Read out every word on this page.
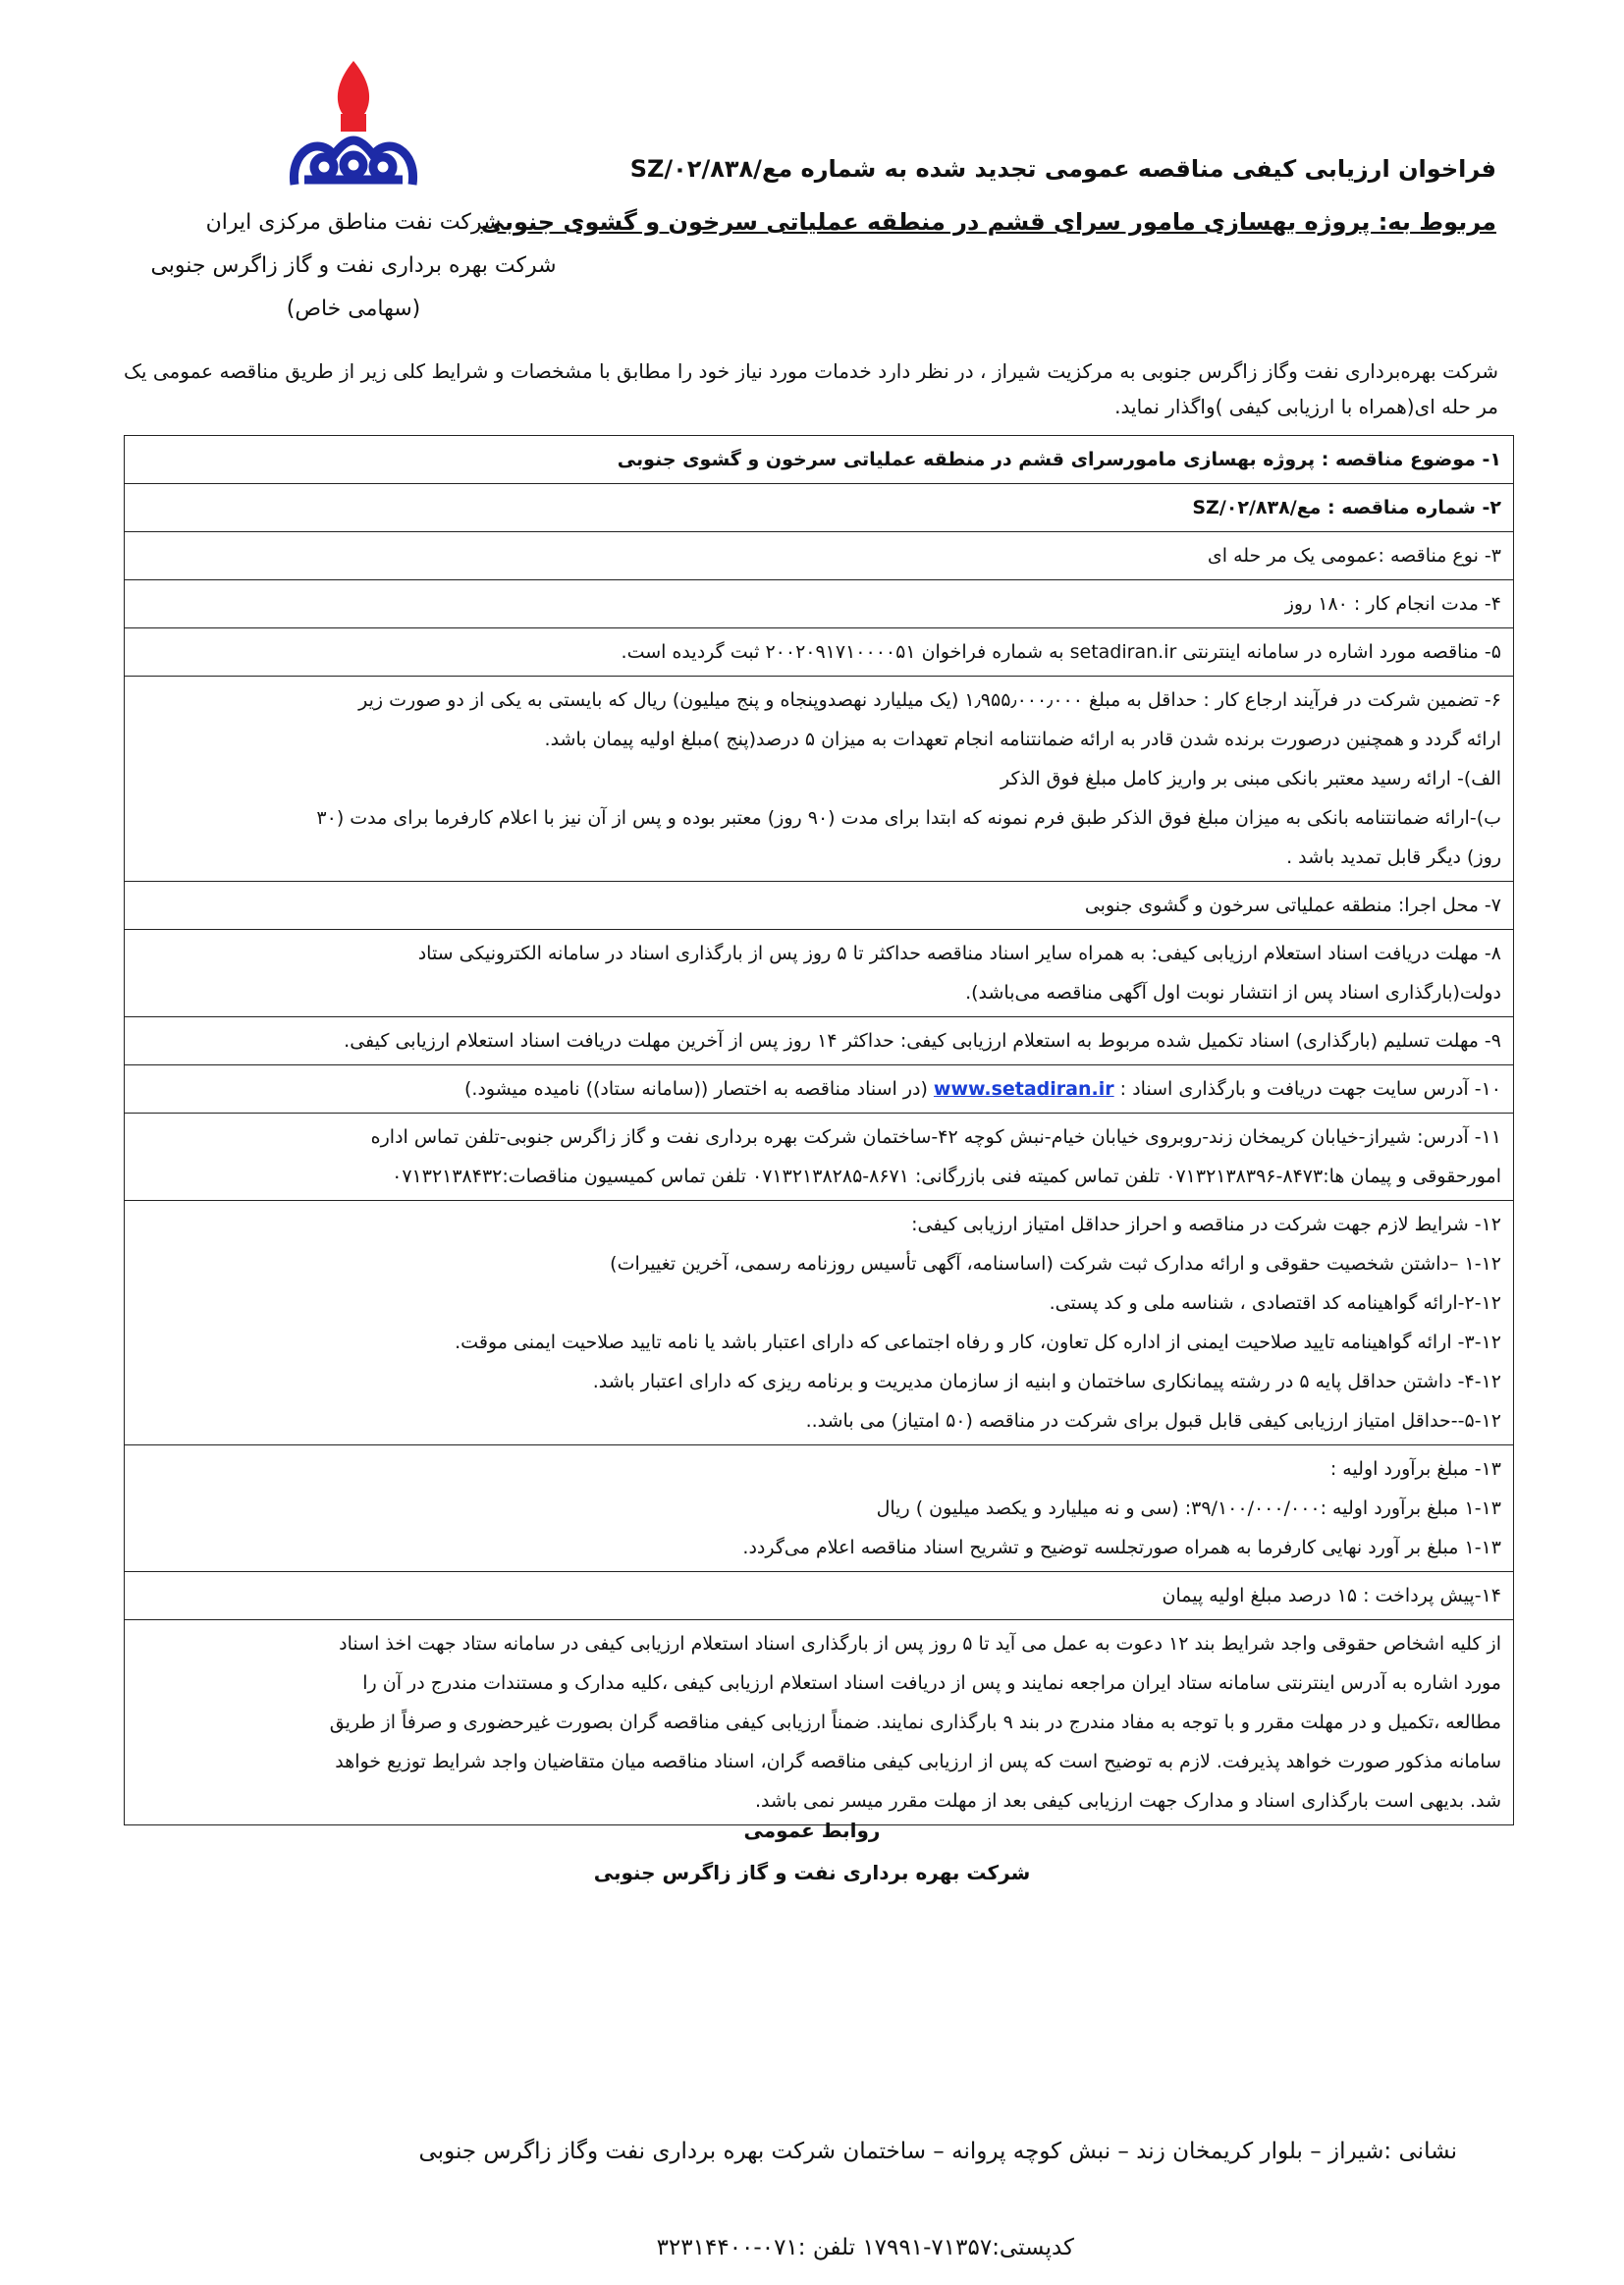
شرکت نفت مناطق مرکزی ایران
شرکت بهره برداری نفت و گاز زاگرس جنوبی
(سهامی خاص)
فراخوان ارزیابی کیفی مناقصه عمومی تجدید شده به شماره مع/۰۲/۸۳۸/SZ
مربوط به: پروژه بهسازی مامور سرای قشم در منطقه عملیاتی سرخون و گشوی جنوبی
شرکت بهره‌برداری نفت وگاز زاگرس جنوبی به مرکزیت شیراز ، در نظر دارد خدمات مورد نیاز خود را مطابق با مشخصات و شرایط کلی زیر از طریق مناقصه عمومی یک مر حله ای(همراه با ارزیابی کیفی )واگذار نماید.
۱- موضوع مناقصه : پروژه بهسازی مامورسرای قشم در منطقه عملیاتی سرخون و گشوی جنوبی

۲- شماره مناقصه : مع/۰۲/۸۳۸/SZ

۳- نوع مناقصه :عمومی یک مر حله ای

۴- مدت انجام کار : ۱۸۰ روز

۵- مناقصه مورد اشاره در سامانه اینترنتی setadiran.ir به شماره فراخوان ۲۰۰۲۰۹۱۷۱۰۰۰۰۵۱ ثبت گردیده است.

۶- تضمین شرکت در فرآیند ارجاع کار : حداقل به مبلغ ۱٫۹۵۵٫۰۰۰٫۰۰۰ (یک میلیارد نهصدوپنجاه و پنج میلیون) ریال که بایستی به یکی از دو صورت زیر
ارائه گردد و همچنین درصورت برنده شدن قادر به ارائه ضمانتنامه انجام تعهدات به میزان ۵ درصد(پنج )مبلغ اولیه پیمان باشد.
الف)- ارائه رسید معتبر بانکی مبنی بر واریز کامل مبلغ فوق الذکر
ب)-ارائه ضمانتنامه بانکی به میزان مبلغ فوق الذکر طبق فرم نمونه که ابتدا برای مدت (۹۰ روز) معتبر بوده و پس از آن نیز با اعلام کارفرما برای مدت (۳۰
روز) دیگر قابل تمدید باشد .

۷- محل اجرا: منطقه عملیاتی سرخون و گشوی جنوبی

۸- مهلت دریافت اسناد استعلام ارزیابی کیفی: به همراه سایر اسناد مناقصه حداکثر تا ۵ روز پس از بارگذاری اسناد در سامانه الکترونیکی ستاد
دولت(بارگذاری اسناد پس از انتشار نوبت اول آگهی مناقصه می‌باشد).

۹- مهلت تسلیم (بارگذاری) اسناد تکمیل شده مربوط به استعلام ارزیابی کیفی: حداکثر ۱۴ روز پس از آخرین مهلت دریافت اسناد استعلام ارزیابی کیفی.

۱۰- آدرس سایت جهت دریافت و بارگذاری اسناد : www.setadiran.ir (در اسناد مناقصه به اختصار ((سامانه ستاد)) نامیده میشود.)

۱۱- آدرس: شیراز-خیابان کریمخان زند-روبروی خیابان خیام-نبش کوچه ۴۲-ساختمان شرکت بهره برداری نفت و گاز زاگرس جنوبی-تلفن تماس اداره
امورحقوقی و پیمان ها:۸۴۷۳-۰۷۱۳۲۱۳۸۳۹۶ تلفن تماس کمیته فنی بازرگانی: ۸۶۷۱-۰۷۱۳۲۱۳۸۲۸۵ تلفن تماس کمیسیون مناقصات:۰۷۱۳۲۱۳۸۴۳۲

۱۲- شرایط لازم جهت شرکت در مناقصه و احراز حداقل امتیاز ارزیابی کیفی:
۱-۱۲ –داشتن شخصیت حقوقی و ارائه مدارک ثبت شرکت (اساسنامه، آگهی تأسیس روزنامه رسمی، آخرین تغییرات)
۲-۱۲-ارائه گواهینامه کد اقتصادی ، شناسه ملی و کد پستی.
۳-۱۲- ارائه گواهینامه تایید صلاحیت ایمنی از اداره کل تعاون، کار و رفاه اجتماعی که دارای اعتبار باشد یا نامه تایید صلاحیت ایمنی موقت.
۴-۱۲- داشتن حداقل پایه ۵ در رشته پیمانکاری ساختمان و ابنیه از سازمان مدیریت و برنامه ریزی که دارای اعتبار باشد.
۵-۱۲--حداقل امتیاز ارزیابی کیفی قابل قبول برای شرکت در مناقصه (۵۰ امتیاز) می باشد..

۱۳- مبلغ برآورد اولیه :
۱-۱۳ مبلغ برآورد اولیه :۳۹/۱۰۰/۰۰۰/۰۰۰: (سی و نه میلیارد و یکصد میلیون ) ریال
۱-۱۳ مبلغ بر آورد نهایی کارفرما به همراه صورتجلسه توضیح و تشریح اسناد مناقصه اعلام می‌گردد.

۱۴-پیش پرداخت : ۱۵ درصد مبلغ اولیه پیمان

از کلیه اشخاص حقوقی واجد شرایط بند ۱۲ دعوت به عمل می آید تا ۵ روز پس از بارگذاری اسناد استعلام ارزیابی کیفی در سامانه ستاد جهت اخذ اسناد
مورد اشاره به آدرس اینترنتی سامانه ستاد ایران مراجعه نمایند و پس از دریافت اسناد استعلام ارزیابی کیفی ،کلیه مدارک و مستندات مندرج در آن را
مطالعه ،تکمیل و در مهلت مقرر و با توجه به مفاد مندرج در بند ۹ بارگذاری نمایند. ضمناً ارزیابی کیفی مناقصه گران بصورت غیرحضوری و صرفاً از طریق
سامانه مذکور صورت خواهد پذیرفت. لازم به توضیح است که پس از ارزیابی کیفی مناقصه گران، اسناد مناقصه میان متقاضیان واجد شرایط توزیع خواهد
شد. بدیهی است بارگذاری اسناد و مدارک جهت ارزیابی کیفی بعد از مهلت مقرر میسر نمی باشد.
روابط عمومی
شرکت بهره برداری نفت و گاز زاگرس جنوبی
نشانی :شیراز – بلوار کریمخان زند – نبش کوچه پروانه – ساختمان شرکت بهره برداری نفت وگاز زاگرس جنوبی
کدپستی:۷۱۳۵۷-۱۷۹۹۱ تلفن :۰۷۱-۳۲۳۱۴۴۰۰
